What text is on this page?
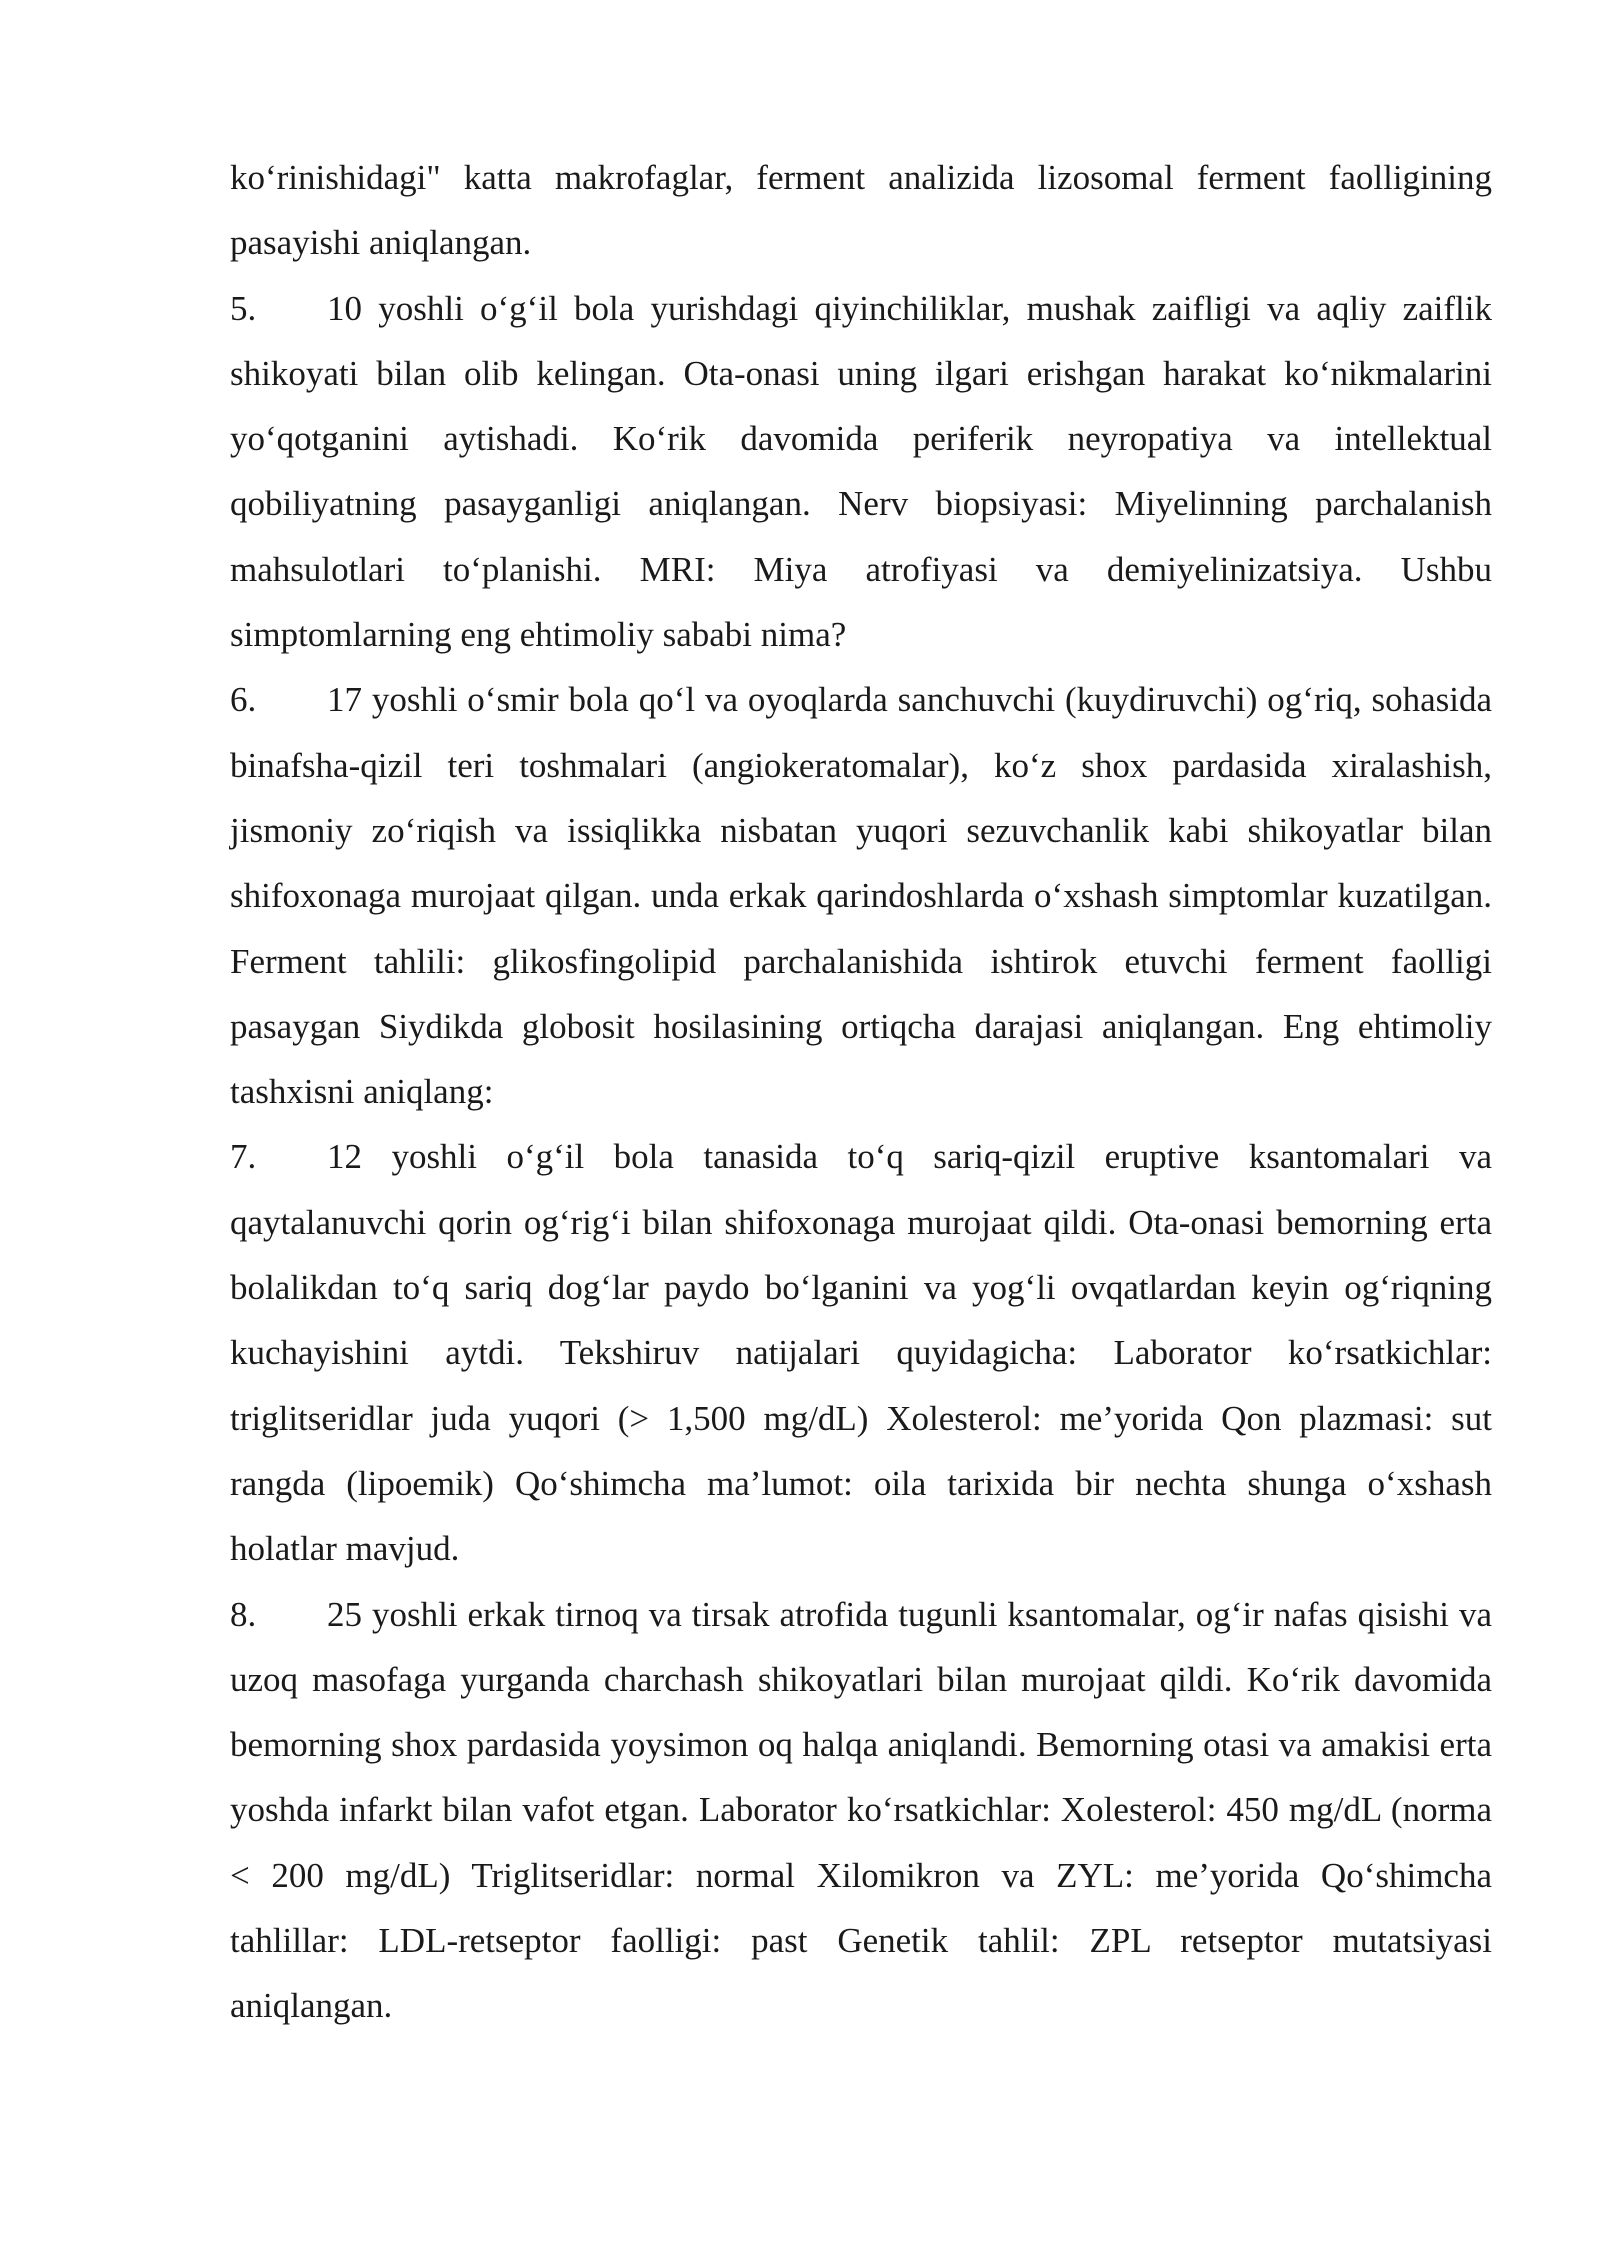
ko‘rinishidagi" katta makrofaglar, ferment analizida lizosomal ferment faolligining pasayishi aniqlangan.

5. 10 yoshli o‘g‘il bola yurishdagi qiyinchiliklar, mushak zaifligi va aqliy zaiflik shikoyati bilan olib kelingan. Ota-onasi uning ilgari erishgan harakat ko‘nikmalarini yo‘qotganini aytishadi. Ko‘rik davomida periferik neyropatiya va intellektual qobiliyatning pasayganligi aniqlangan. Nerv biopsiyasi: Miyelinning parchalanish mahsulotlari to‘planishi. MRI: Miya atrofiyasi va demiyelinizatsiya. Ushbu simptomlarning eng ehtimoliy sababi nima?

6. 17 yoshli o‘smir bola qo‘l va oyoqlarda sanchuvchi (kuydiruvchi) og‘riq, sohasida binafsha-qizil teri toshmalari (angiokeratomalar), ko‘z shox pardasida xiralashish, jismoniy zo‘riqish va issiqlikka nisbatan yuqori sezuvchanlik kabi shikoyatlar bilan shifoxonaga murojaat qilgan. unda erkak qarindoshlarda o‘xshash simptomlar kuzatilgan. Ferment tahlili: glikosfingolipid parchalanishida ishtirok etuvchi ferment faolligi pasaygan Siydikda globosit hosilasining ortiqcha darajasi aniqlangan. Eng ehtimoliy tashxisni aniqlang:

7. 12 yoshli o‘g‘il bola tanasida to‘q sariq-qizil eruptive ksantomalari va qaytalanuvchi qorin og‘rig‘i bilan shifoxonaga murojaat qildi. Ota-onasi bemorning erta bolalikdan to‘q sariq dog‘lar paydo bo‘lganini va yog‘li ovqatlardan keyin og‘riqning kuchayishini aytdi. Tekshiruv natijalari quyidagicha: Laborator ko‘rsatkichlar: triglitseridlar juda yuqori (> 1,500 mg/dL) Xolesterol: me’yorida Qon plazmasi: sut rangda (lipoemik) Qo‘shimcha ma’lumot: oila tarixida bir nechta shunga o‘xshash holatlar mavjud.

8. 25 yoshli erkak tirnoq va tirsak atrofida tugunli ksantomalar, og‘ir nafas qisishi va uzoq masofaga yurganda charchash shikoyatlari bilan murojaat qildi. Ko‘rik davomida bemorning shox pardasida yoysimon oq halqa aniqlandi. Bemorning otasi va amakisi erta yoshda infarkt bilan vafot etgan. Laborator ko‘rsatkichlar: Xolesterol: 450 mg/dL (norma < 200 mg/dL) Triglitseridlar: normal Xilomikron va ZYL: me’yorida Qo‘shimcha tahlillar: LDL-retseptor faolligi: past Genetik tahlil: ZPL retseptor mutatsiyasi aniqlangan.
